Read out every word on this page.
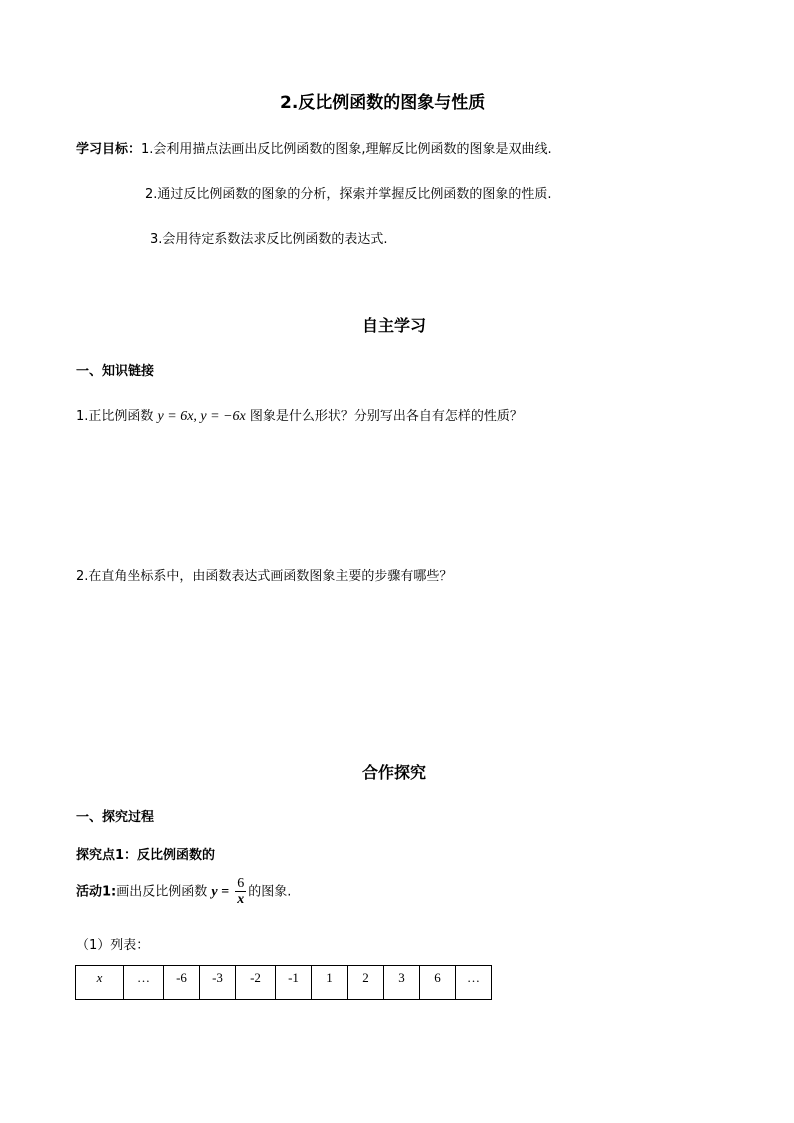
2.反比例函数的图象与性质
学习目标：1.会利用描点法画出反比例函数的图象,理解反比例函数的图象是双曲线.
2.通过反比例函数的图象的分析，探索并掌握反比例函数的图象的性质.
3.会用待定系数法求反比例函数的表达式.
自主学习
一、知识链接
1.正比例函数 y = 6x, y = −6x 图象是什么形状？分别写出各自有怎样的性质？
2.在直角坐标系中，由函数表达式画函数图象主要的步骤有哪些？
合作探究
一、探究过程
探究点1：反比例函数的
活动1:画出反比例函数 $y = \frac{6}{x}$ 的图象.
（1）列表：
x	…	-6	-3	-2	-1	1	2	3	6	…
